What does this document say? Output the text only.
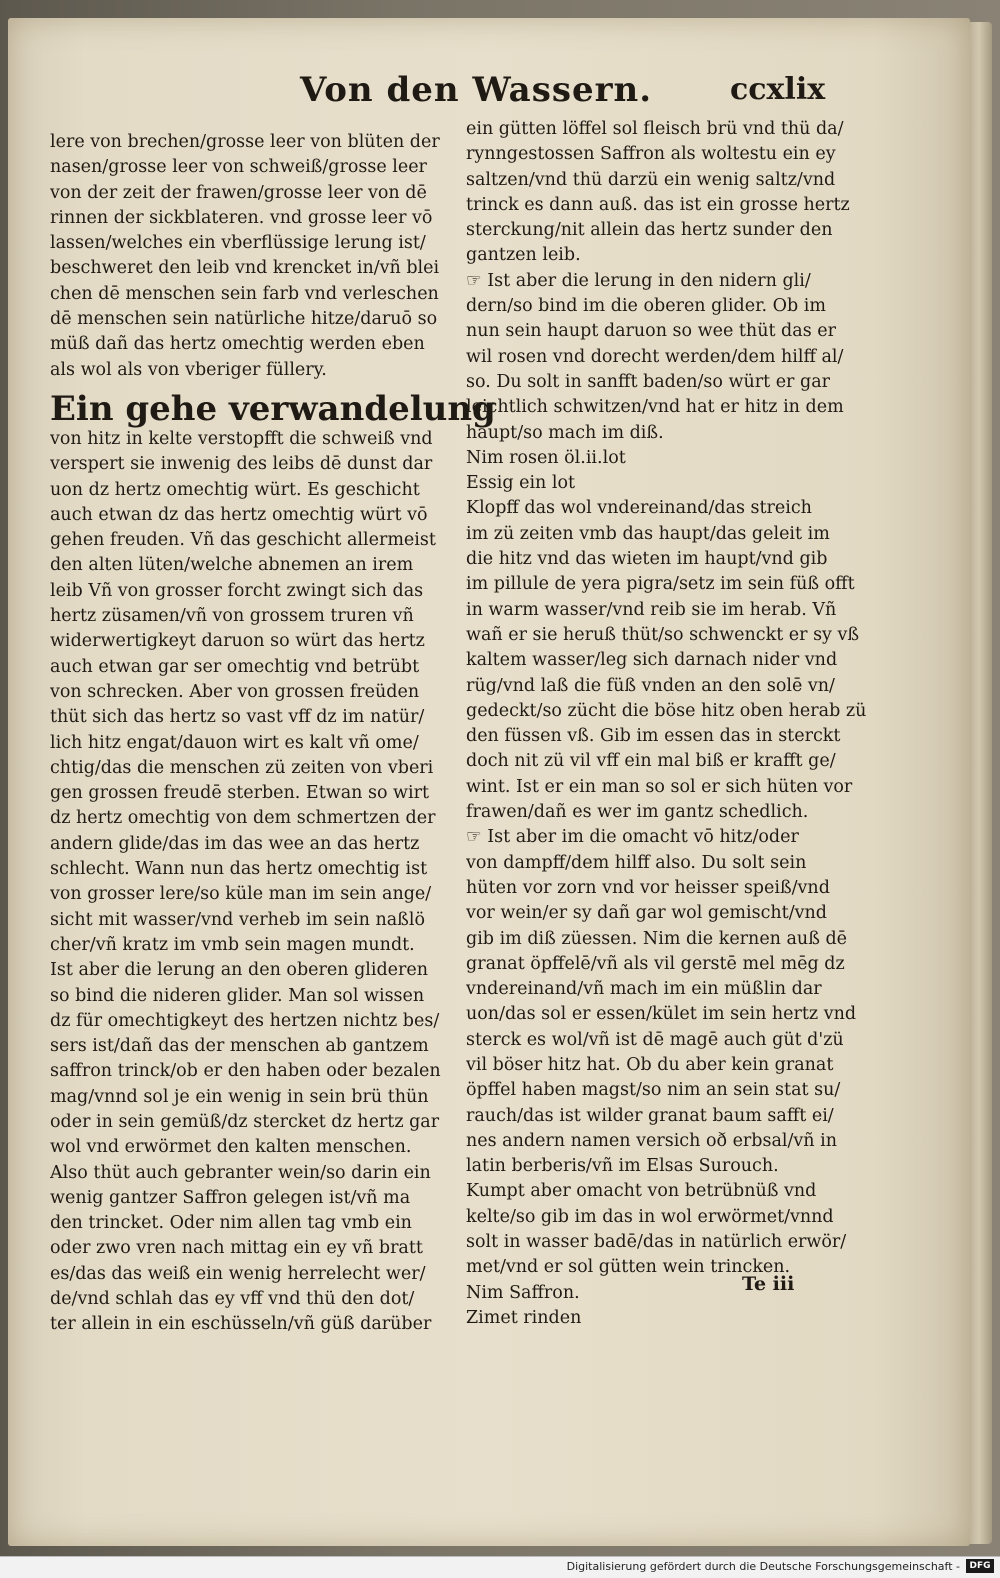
Von den Wassern.	ccxlix
lere von brechen/grosse leer von blüten der
nasen/grosse leer von schweiß/grosse leer
von der zeit der frawen/grosse leer von dē
rinnen der sickblateren. vnd grosse leer vō
lassen/welches ein vberflüssige lerung ist/
beschweret den leib vnd krencket in/vñ blei
chen dē menschen sein farb vnd verleschen
dē menschen sein natürliche hitze/daruō so
müß dañ das hertz omechtig werden eben
als wol als von vberiger füllery.
Ein gehe verwandelung
von hitz in kelte verstopfft die schweiß vnd
verspert sie inwenig des leibs dē dunst dar
uon dz hertz omechtig würt. Es geschicht
auch etwan dz das hertz omechtig würt vō
gehen freuden. Vñ das geschicht allermeist
den alten lüten/welche abnemen an irem
leib Vñ von grosser forcht zwingt sich das
hertz züsamen/vñ von grossem truren vñ
widerwertigkeyt daruon so würt das hertz
auch etwan gar ser omechtig vnd betrübt
von schrecken. Aber von grossen freüden
thüt sich das hertz so vast vff dz im natür/
lich hitz engat/dauon wirt es kalt vñ ome/
chtig/das die menschen zü zeiten von vberi
gen grossen freudē sterben. Etwan so wirt
dz hertz omechtig von dem schmertzen der
andern glide/das im das wee an das hertz
schlecht. Wann nun das hertz omechtig ist
von grosser lere/so küle man im sein ange/
sicht mit wasser/vnd verheb im sein naßlö
cher/vñ kratz im vmb sein magen mundt.
Ist aber die lerung an den oberen glideren
so bind die nideren glider. Man sol wissen
dz für omechtigkeyt des hertzen nichtz bes/
sers ist/dañ das der menschen ab gantzem
saffron trinck/ob er den haben oder bezalen
mag/vnnd sol je ein wenig in sein brü thün
oder in sein gemüß/dz stercket dz hertz gar
wol vnd erwörmet den kalten menschen.
Also thüt auch gebranter wein/so darin ein
wenig gantzer Saffron gelegen ist/vñ ma
den trincket. Oder nim allen tag vmb ein
oder zwo vren nach mittag ein ey vñ bratt
es/das das weiß ein wenig herrelecht wer/
de/vnd schlah das ey vff vnd thü den dot/
ter allein in ein eschüsseln/vñ güß darüber
ein gütten löffel sol fleisch brü vnd thü da/
rynngestossen Saffron als woltestu ein ey
saltzen/vnd thü darzü ein wenig saltz/vnd
trinck es dann auß. das ist ein grosse hertz
sterckung/nit allein das hertz sunder den
gantzen leib.
☞ Ist aber die lerung in den nidern gli/
dern/so bind im die oberen glider. Ob im
nun sein haupt daruon so wee thüt das er
wil rosen vnd dorecht werden/dem hilff al/
so. Du solt in sanfft baden/so würt er gar
leichtlich schwitzen/vnd hat er hitz in dem
haupt/so mach im diß.
Nim rosen öl.ii.lot
Essig ein lot
Klopff das wol vndereinand/das streich
im zü zeiten vmb das haupt/das geleit im
die hitz vnd das wieten im haupt/vnd gib
im pillule de yera pigra/setz im sein füß offt
in warm wasser/vnd reib sie im herab. Vñ
wañ er sie heruß thüt/so schwenckt er sy vß
kaltem wasser/leg sich darnach nider vnd
rüg/vnd laß die füß vnden an den solē vn/
gedeckt/so zücht die böse hitz oben herab zü
den füssen vß. Gib im essen das in sterckt
doch nit zü vil vff ein mal biß er krafft ge/
wint. Ist er ein man so sol er sich hüten vor
frawen/dañ es wer im gantz schedlich.
☞ Ist aber im die omacht vō hitz/oder
von dampff/dem hilff also. Du solt sein
hüten vor zorn vnd vor heisser speiß/vnd
vor wein/er sy dañ gar wol gemischt/vnd
gib im diß züessen. Nim die kernen auß dē
granat öpffelē/vñ als vil gerstē mel mēg dz
vndereinand/vñ mach im ein müßlin dar
uon/das sol er essen/kület im sein hertz vnd
sterck es wol/vñ ist dē magē auch güt d'zü
vil böser hitz hat. Ob du aber kein granat
öpffel haben magst/so nim an sein stat su/
rauch/das ist wilder granat baum safft ei/
nes andern namen versich oð erbsal/vñ in
latin berberis/vñ im Elsas Surouch.
Kumpt aber omacht von betrübnüß vnd
kelte/so gib im das in wol erwörmet/vnnd
solt in wasser badē/das in natürlich erwör/
met/vnd er sol gütten wein trincken.
Nim Saffron.
Zimet rinden
Te iii
Digitalisierung gefördert durch die Deutsche Forschungsgemeinschaft -	DFG
